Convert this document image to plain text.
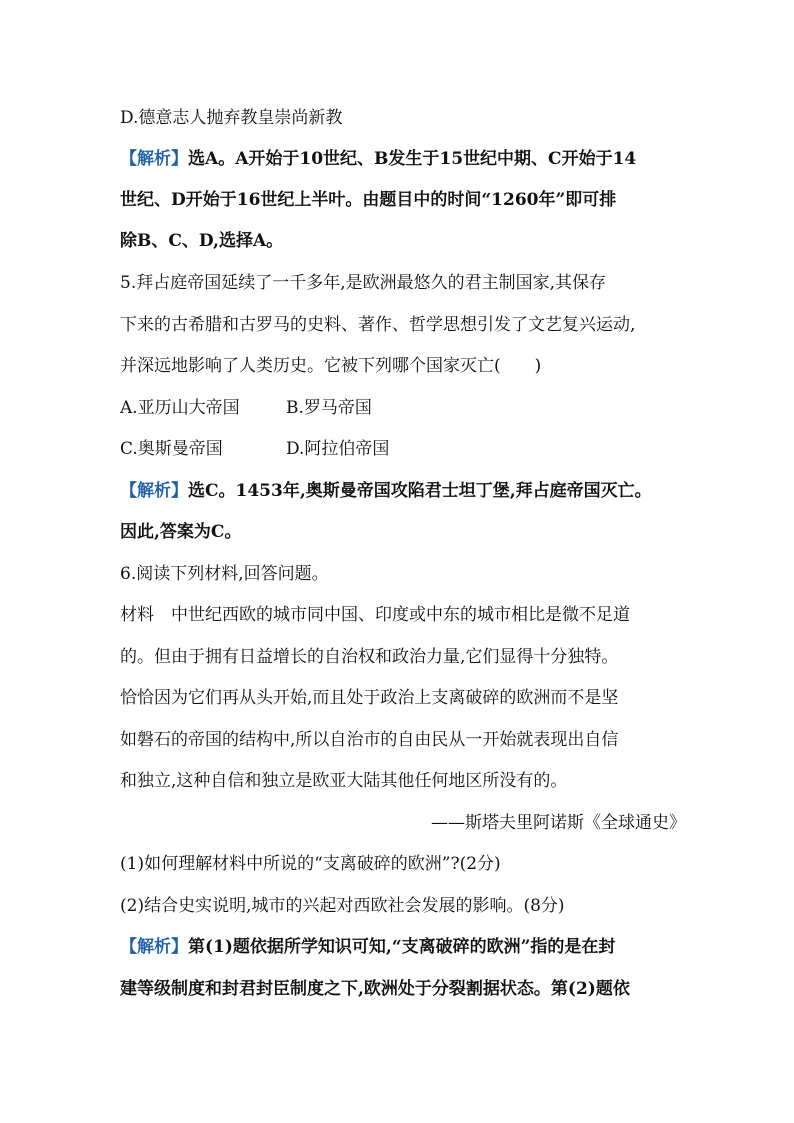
D.德意志人抛弃教皇崇尚新教
【解析】选A。A开始于10世纪、B发生于15世纪中期、C开始于14
世纪、D开始于16世纪上半叶。由题目中的时间“1260年”即可排
除B、C、D,选择A。
5.拜占庭帝国延续了一千多年,是欧洲最悠久的君主制国家,其保存
下来的古希腊和古罗马的史料、著作、哲学思想引发了文艺复兴运动,
并深远地影响了人类历史。它被下列哪个国家灭亡(　　)
A.亚历山大帝国	B.罗马帝国
C.奥斯曼帝国	D.阿拉伯帝国
【解析】选C。1453年,奥斯曼帝国攻陷君士坦丁堡,拜占庭帝国灭亡。
因此,答案为C。
6.阅读下列材料,回答问题。
材料　中世纪西欧的城市同中国、印度或中东的城市相比是微不足道
的。但由于拥有日益增长的自治权和政治力量,它们显得十分独特。
恰恰因为它们再从头开始,而且处于政治上支离破碎的欧洲而不是坚
如磐石的帝国的结构中,所以自治市的自由民从一开始就表现出自信
和独立,这种自信和独立是欧亚大陆其他任何地区所没有的。
——斯塔夫里阿诺斯《全球通史》
(1)如何理解材料中所说的“支离破碎的欧洲”?(2分)
(2)结合史实说明,城市的兴起对西欧社会发展的影响。(8分)
【解析】第(1)题依据所学知识可知,“支离破碎的欧洲”指的是在封
建等级制度和封君封臣制度之下,欧洲处于分裂割据状态。第(2)题依
